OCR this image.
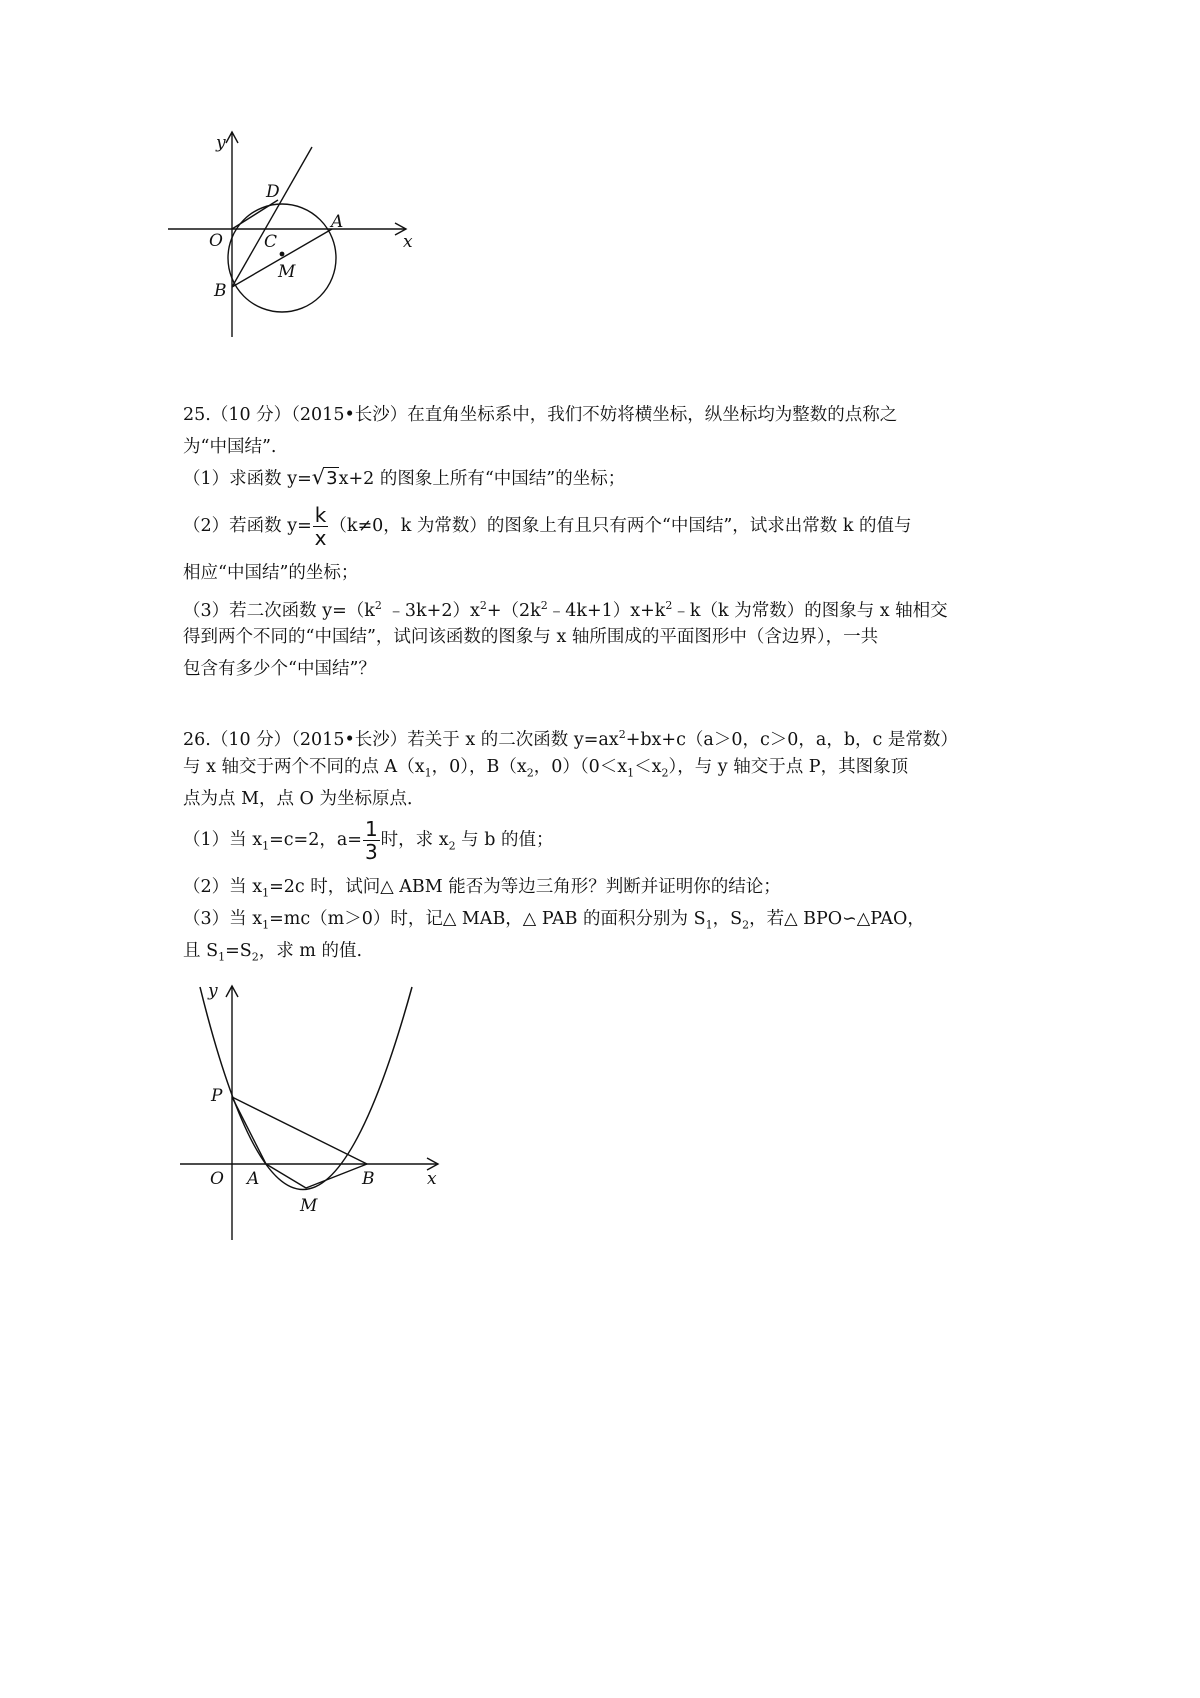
y
x
O
D
A
C
M
B
25.（10 分）（2015•长沙）在直角坐标系中，我们不妨将横坐标，纵坐标均为整数的点称之
为“中国结”.
（1）求函数 y=√3x+2 的图象上所有“中国结”的坐标；
（2）若函数 $y= \frac{k}{x} (k\ne 0$，k 为常数）的图象上有且只有两个“中国结”，试求出常数 k 的值与
相应“中国结”的坐标；
（3）若二次函数 $y=(k^2$ $﹣3k+2)x^2+(2k^2﹣4k+1)x+k^2﹣k(k$ 为常数）的图象与 x 轴相交
得到两个不同的“中国结”，试问该函数的图象与 x 轴所围成的平面图形中（含边界），一共
包含有多少个“中国结”？
26.（10 分）（2015•长沙）若关于 x 的二次函数 $y=ax^2+bx+c(a>0$，c＞0，a，b，c 是常数）
与 x 轴交于两个不同的点 $A(x_1$，0），$B(x_2$，$0)(0<x_1<x_2)$，与 y 轴交于点 P，其图象顶
点为点 M，点 O 为坐标原点．
（1）当 $x_1=c=2$，$a= \frac{1}{3}$ 时，求 $x_2$ 与 b 的值；
（2）当 $x_1=2c$ 时，试问△ ABM 能否为等边三角形？判断并证明你的结论；
（3）当 $x_1=mc(m>0)$时，记△ MAB，△ PAB 的面积分别为 $S_1$，$S_2$，若△ BPO∽△PAO，
且 $S_1=S_2$，求 m 的值.
y
P
O A	B	x
M
